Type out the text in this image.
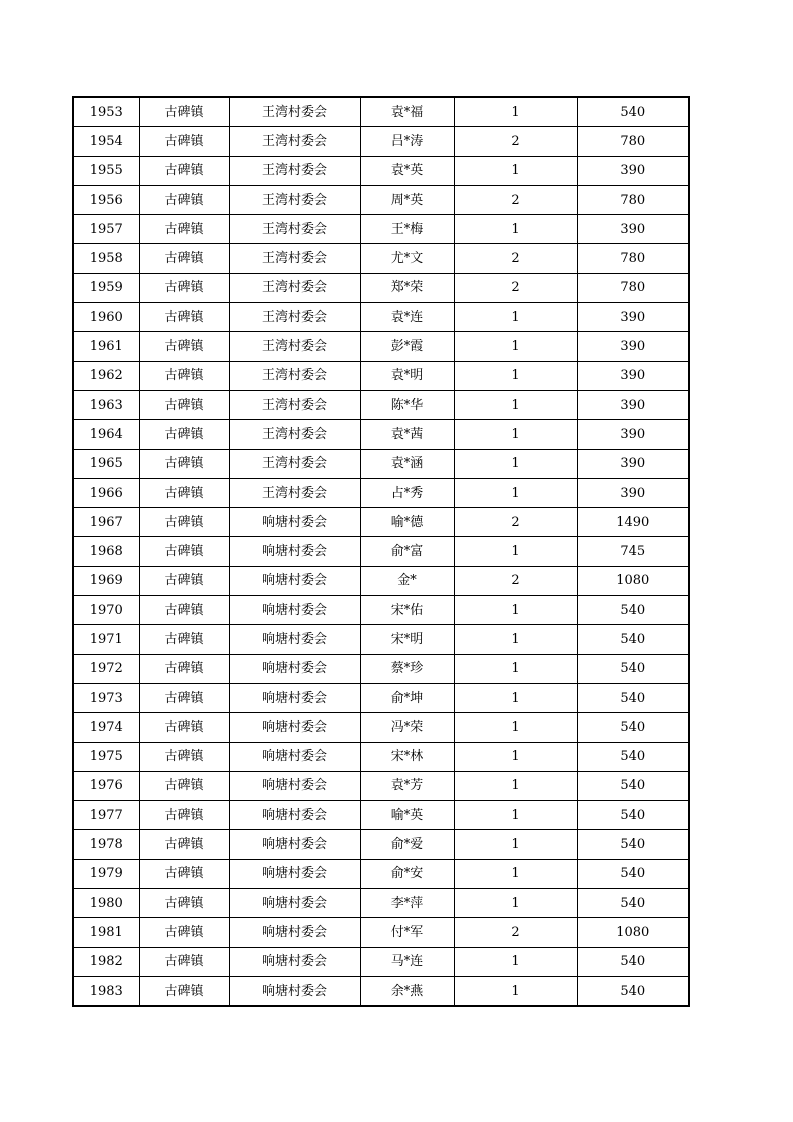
1953	古碑镇	王湾村委会	袁*福	1	540
1954	古碑镇	王湾村委会	吕*涛	2	780
1955	古碑镇	王湾村委会	袁*英	1	390
1956	古碑镇	王湾村委会	周*英	2	780
1957	古碑镇	王湾村委会	王*梅	1	390
1958	古碑镇	王湾村委会	尤*文	2	780
1959	古碑镇	王湾村委会	郑*荣	2	780
1960	古碑镇	王湾村委会	袁*连	1	390
1961	古碑镇	王湾村委会	彭*霞	1	390
1962	古碑镇	王湾村委会	袁*明	1	390
1963	古碑镇	王湾村委会	陈*华	1	390
1964	古碑镇	王湾村委会	袁*茜	1	390
1965	古碑镇	王湾村委会	袁*涵	1	390
1966	古碑镇	王湾村委会	占*秀	1	390
1967	古碑镇	响塘村委会	喻*德	2	1490
1968	古碑镇	响塘村委会	俞*富	1	745
1969	古碑镇	响塘村委会	金*	2	1080
1970	古碑镇	响塘村委会	宋*佑	1	540
1971	古碑镇	响塘村委会	宋*明	1	540
1972	古碑镇	响塘村委会	蔡*珍	1	540
1973	古碑镇	响塘村委会	俞*坤	1	540
1974	古碑镇	响塘村委会	冯*荣	1	540
1975	古碑镇	响塘村委会	宋*林	1	540
1976	古碑镇	响塘村委会	袁*芳	1	540
1977	古碑镇	响塘村委会	喻*英	1	540
1978	古碑镇	响塘村委会	俞*爱	1	540
1979	古碑镇	响塘村委会	俞*安	1	540
1980	古碑镇	响塘村委会	李*萍	1	540
1981	古碑镇	响塘村委会	付*军	2	1080
1982	古碑镇	响塘村委会	马*连	1	540
1983	古碑镇	响塘村委会	余*燕	1	540
